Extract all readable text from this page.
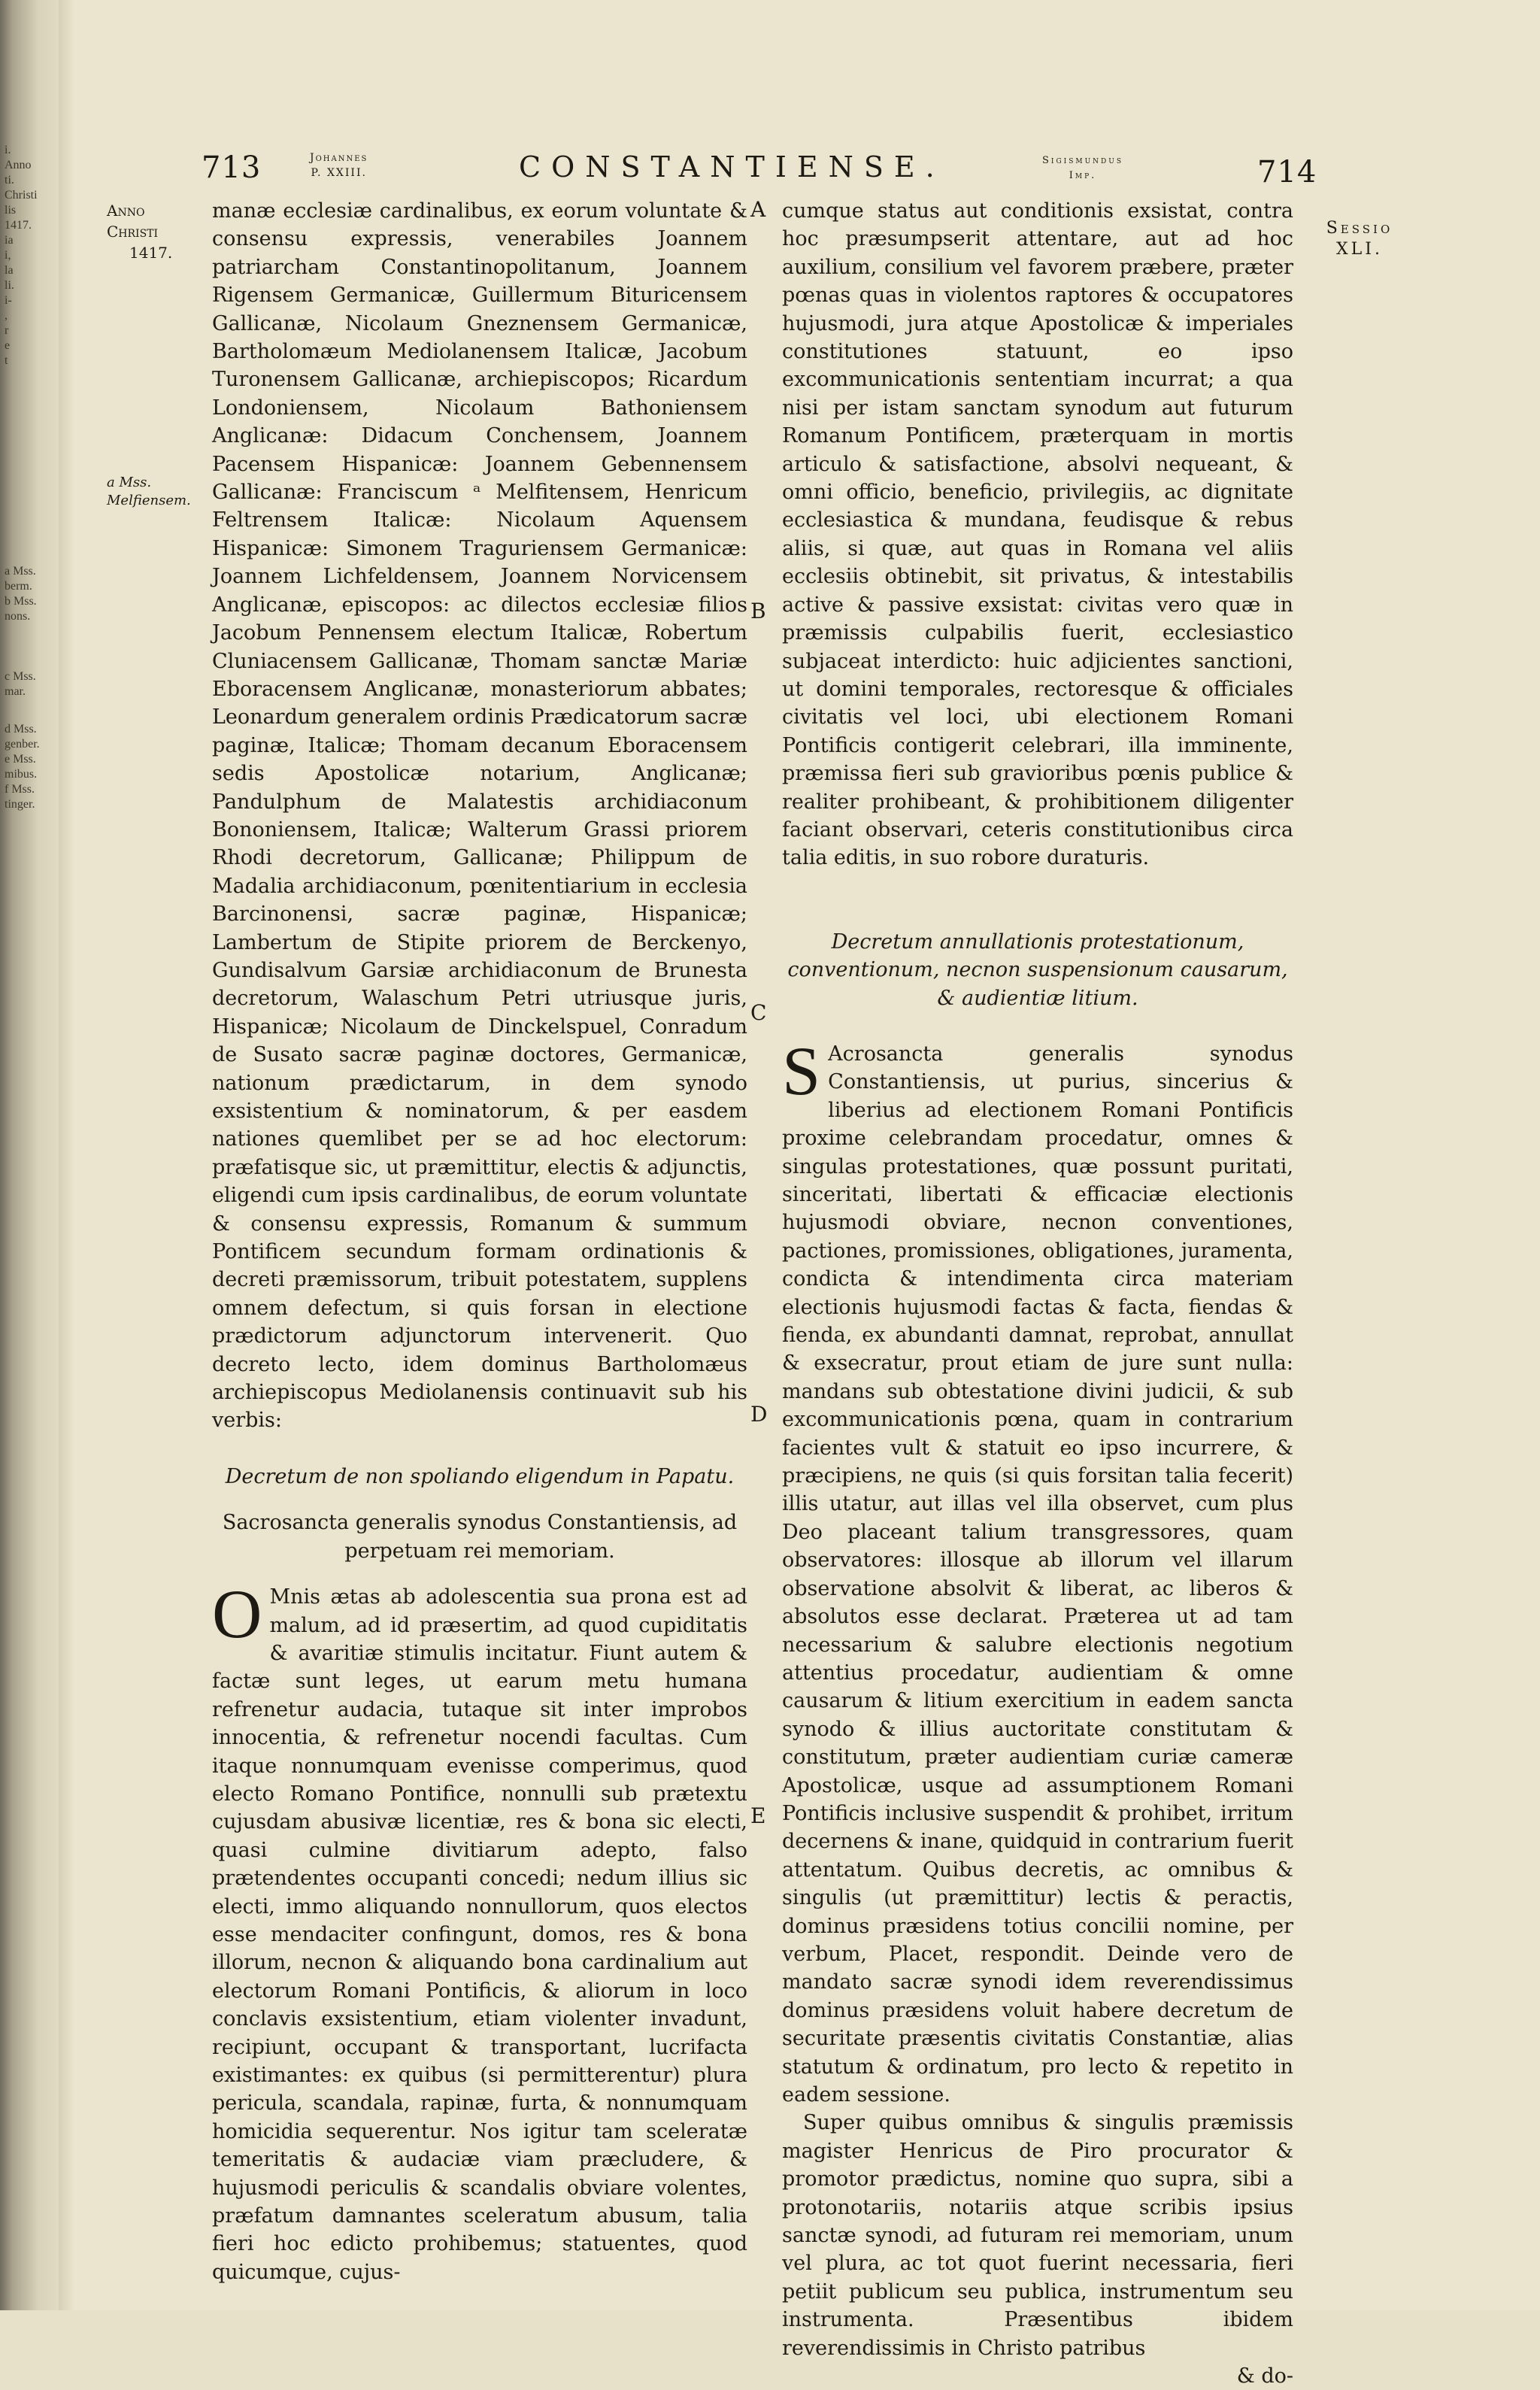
i.
Anno
ti.
Christi
lis
1417.
ia
i,
la
li.
i-
,
r
e
t
a Mss.
berm.
b Mss.
nons.
c Mss.
mar.
d Mss.
genber.
e Mss.
mibus.
f Mss.
tinger.
713	Johannes
P. XXIII.	CONSTANTIENSE.	Sigismundus
Imp.	714
Anno
Christi
1417.
a Mss. Melfiensem.
Sessio
XLI.
A
B
C
D
E

manæ ecclesiæ cardinalibus, ex eorum voluntate & consensu expressis, venerabiles Joannem patriarcham Constantinopolitanum, Joannem Rigensem Germanicæ, Guillermum Bituricensem Gallicanæ, Nicolaum Gneznensem Germanicæ, Bartholomæum Mediolanensem Italicæ, Jacobum Turonensem Gallicanæ, archiepiscopos; Ricardum Londoniensem, Nicolaum Bathoniensem Anglicanæ: Didacum Conchensem, Joannem Pacensem Hispanicæ: Joannem Gebennensem Gallicanæ: Franciscum ᵃ Melfitensem, Henricum Feltrensem Italicæ: Nicolaum Aquensem Hispanicæ: Simonem Traguriensem Germanicæ: Joannem Lichfeldensem, Joannem Norvicensem Anglicanæ, episcopos: ac dilectos ecclesiæ filios Jacobum Pennensem electum Italicæ, Robertum Cluniacensem Gallicanæ, Thomam sanctæ Mariæ Eboracensem Anglicanæ, monasteriorum abbates; Leonardum generalem ordinis Prædicatorum sacræ paginæ, Italicæ; Thomam decanum Eboracensem sedis Apostolicæ notarium, Anglicanæ; Pandulphum de Malatestis archidiaconum Bononiensem, Italicæ; Walterum Grassi priorem Rhodi decretorum, Gallicanæ; Philippum de Madalia archidiaconum, pœnitentiarium in ecclesia Barcinonensi, sacræ paginæ, Hispanicæ; Lambertum de Stipite priorem de Berckenyo, Gundisalvum Garsiæ archidiaconum de Brunesta decretorum, Walaschum Petri utriusque juris, Hispanicæ; Nicolaum de Dinckelspuel, Conradum de Susato sacræ paginæ doctores, Germanicæ, nationum prædictarum, in dem synodo exsistentium & nominatorum, & per easdem nationes quemlibet per se ad hoc electorum: præfatisque sic, ut præmittitur, electis & adjunctis, eligendi cum ipsis cardinalibus, de eorum voluntate & consensu expressis, Romanum & summum Pontificem secundum formam ordinationis & decreti præmissorum, tribuit potestatem, supplens omnem defectum, si quis forsan in electione prædictorum adjunctorum intervenerit. Quo decreto lecto, idem dominus Bartholomæus archiepiscopus Mediolanensis continuavit sub his verbis:

Decretum de non spoliando eligendum in Papatu.

Sacrosancta generalis synodus Constantiensis, ad perpetuam rei memoriam.

O Mnis ætas ab adolescentia sua prona est ad malum, ad id præsertim, ad quod cupiditatis & avaritiæ stimulis incitatur. Fiunt autem & factæ sunt leges, ut earum metu humana refrenetur audacia, tutaque sit inter improbos innocentia, & refrenetur nocendi facultas. Cum itaque nonnumquam evenisse comperimus, quod electo Romano Pontifice, nonnulli sub prætextu cujusdam abusivæ licentiæ, res & bona sic electi, quasi culmine divitiarum adepto, falso prætendentes occupanti concedi; nedum illius sic electi, immo aliquando nonnullorum, quos electos esse mendaciter confingunt, domos, res & bona illorum, necnon & aliquando bona cardinalium aut electorum Romani Pontificis, & aliorum in loco conclavis exsistentium, etiam violenter invadunt, recipiunt, occupant & transportant, lucrifacta existimantes: ex quibus (si permitterentur) plura pericula, scandala, rapinæ, furta, & nonnumquam homicidia sequerentur. Nos igitur tam sceleratæ temeritatis & audaciæ viam præcludere, & hujusmodi periculis & scandalis obviare volentes, præfatum damnantes sceleratum abusum, talia fieri hoc edicto prohibemus; statuentes, quod quicumque, cujus-

cumque status aut conditionis exsistat, contra hoc præsumpserit attentare, aut ad hoc auxilium, consilium vel favorem præbere, præter pœnas quas in violentos raptores & occupatores hujusmodi, jura atque Apostolicæ & imperiales constitutiones statuunt, eo ipso excommunicationis sententiam incurrat; a qua nisi per istam sanctam synodum aut futurum Romanum Pontificem, præterquam in mortis articulo & satisfactione, absolvi nequeant, & omni officio, beneficio, privilegiis, ac dignitate ecclesiastica & mundana, feudisque & rebus aliis, si quæ, aut quas in Romana vel aliis ecclesiis obtinebit, sit privatus, & intestabilis active & passive exsistat: civitas vero quæ in præmissis culpabilis fuerit, ecclesiastico subjaceat interdicto: huic adjicientes sanctioni, ut domini temporales, rectoresque & officiales civitatis vel loci, ubi electionem Romani Pontificis contigerit celebrari, illa imminente, præmissa fieri sub gravioribus pœnis publice & realiter prohibeant, & prohibitionem diligenter faciant observari, ceteris constitutionibus circa talia editis, in suo robore duraturis.

Decretum annullationis protestationum, conventionum, necnon suspensionum causarum, & audientiæ litium.

S Acrosancta generalis synodus Constantiensis, ut purius, sincerius & liberius ad electionem Romani Pontificis proxime celebrandam procedatur, omnes & singulas protestationes, quæ possunt puritati, sinceritati, libertati & efficaciæ electionis hujusmodi obviare, necnon conventiones, pactiones, promissiones, obligationes, juramenta, condicta & intendimenta circa materiam electionis hujusmodi factas & facta, fiendas & fienda, ex abundanti damnat, reprobat, annullat & exsecratur, prout etiam de jure sunt nulla: mandans sub obtestatione divini judicii, & sub excommunicationis pœna, quam in contrarium facientes vult & statuit eo ipso incurrere, & præcipiens, ne quis (si quis forsitan talia fecerit) illis utatur, aut illas vel illa observet, cum plus Deo placeant talium transgressores, quam observatores: illosque ab illorum vel illarum observatione absolvit & liberat, ac liberos & absolutos esse declarat. Præterea ut ad tam necessarium & salubre electionis negotium attentius procedatur, audientiam & omne causarum & litium exercitium in eadem sancta synodo & illius auctoritate constitutam & constitutum, præter audientiam curiæ cameræ Apostolicæ, usque ad assumptionem Romani Pontificis inclusive suspendit & prohibet, irritum decernens & inane, quidquid in contrarium fuerit attentatum. Quibus decretis, ac omnibus & singulis (ut præmittitur) lectis & peractis, dominus præsidens totius concilii nomine, per verbum, Placet, respondit. Deinde vero de mandato sacræ synodi idem reverendissimus dominus præsidens voluit habere decretum de securitate præsentis civitatis Constantiæ, alias statutum & ordinatum, pro lecto & repetito in eadem sessione.

Super quibus omnibus & singulis præmissis magister Henricus de Piro procurator & promotor prædictus, nomine quo supra, sibi a protonotariis, notariis atque scribis ipsius sanctæ synodi, ad futuram rei memoriam, unum vel plura, ac tot quot fuerint necessaria, fieri petiit publicum seu publica, instrumentum seu instrumenta. Præsentibus ibidem reverendissimis in Christo patribus

& do-
